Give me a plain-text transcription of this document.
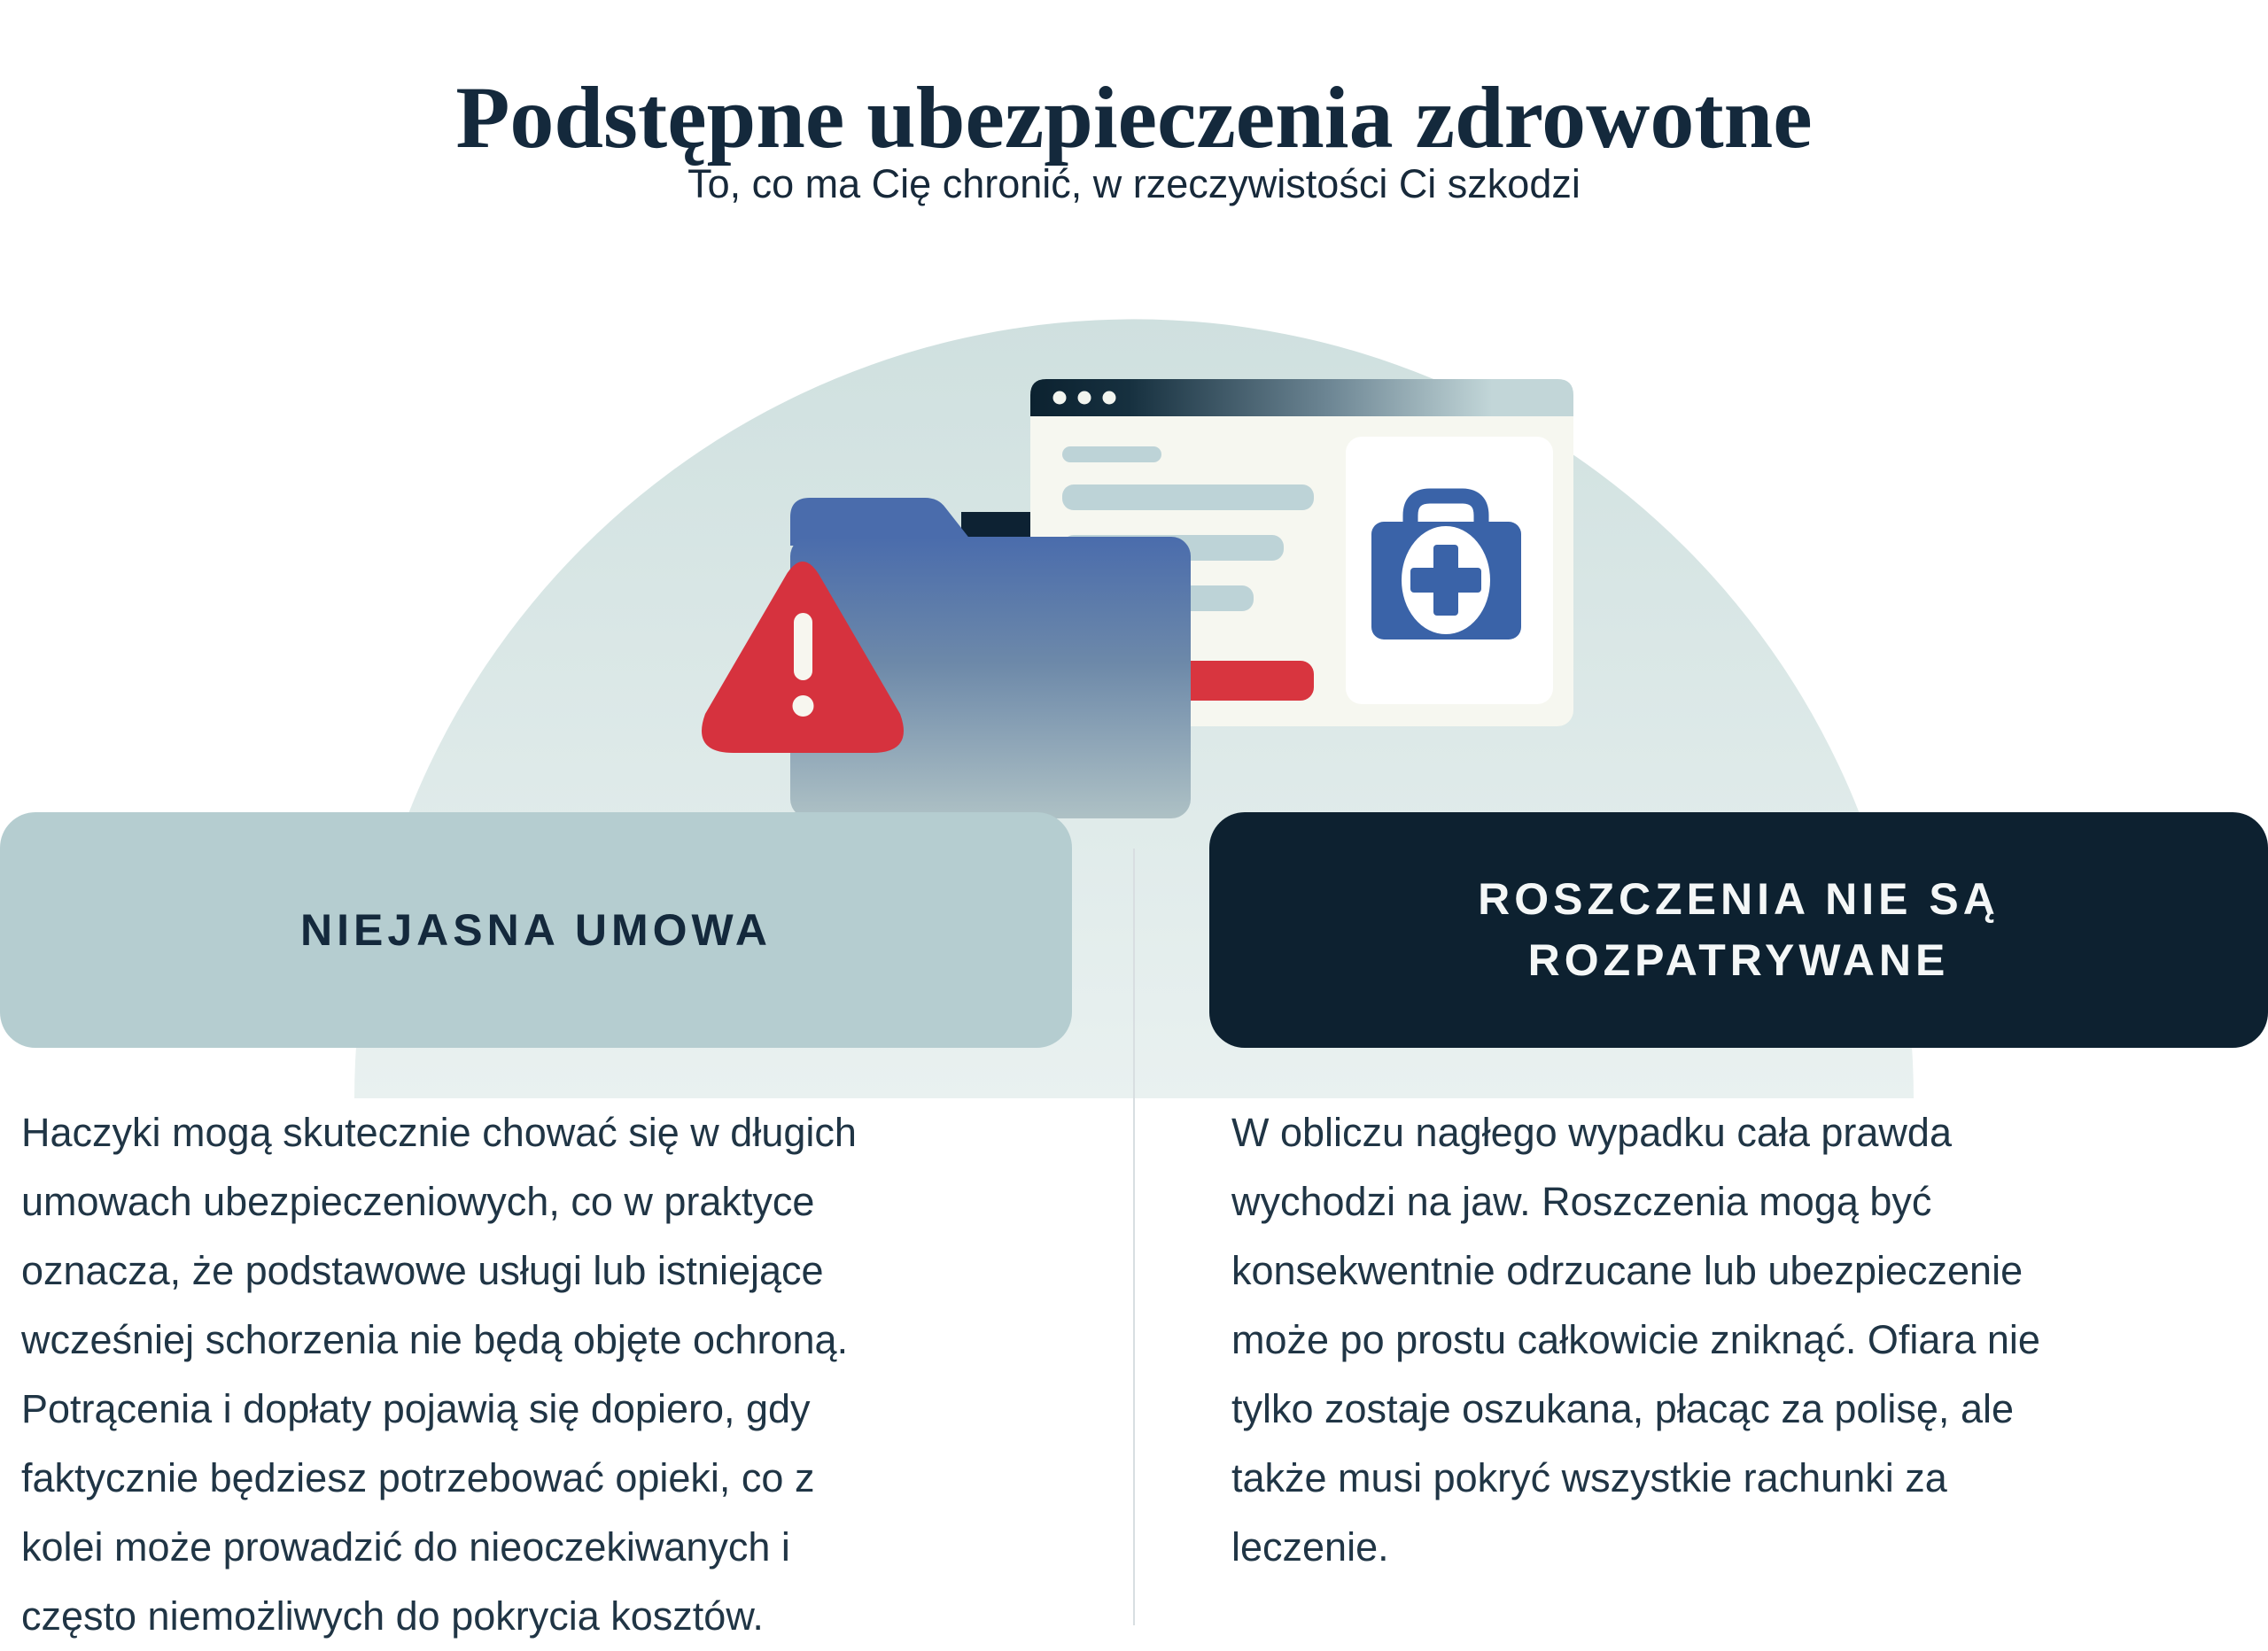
Podstępne ubezpieczenia zdrowotne
To, co ma Cię chronić, w rzeczywistości Ci szkodzi
NIEJASNA UMOWA
ROSZCZENIA NIE SĄ
ROZPATRYWANE
Haczyki mogą skutecznie chować się w długich
umowach ubezpieczeniowych, co w praktyce
oznacza, że podstawowe usługi lub istniejące
wcześniej schorzenia nie będą objęte ochroną.
Potrącenia i dopłaty pojawią się dopiero, gdy
faktycznie będziesz potrzebować opieki, co z
kolei może prowadzić do nieoczekiwanych i
często niemożliwych do pokrycia kosztów.
W obliczu nagłego wypadku cała prawda
wychodzi na jaw. Roszczenia mogą być
konsekwentnie odrzucane lub ubezpieczenie
może po prostu całkowicie zniknąć. Ofiara nie
tylko zostaje oszukana, płacąc za polisę, ale
także musi pokryć wszystkie rachunki za
leczenie.
